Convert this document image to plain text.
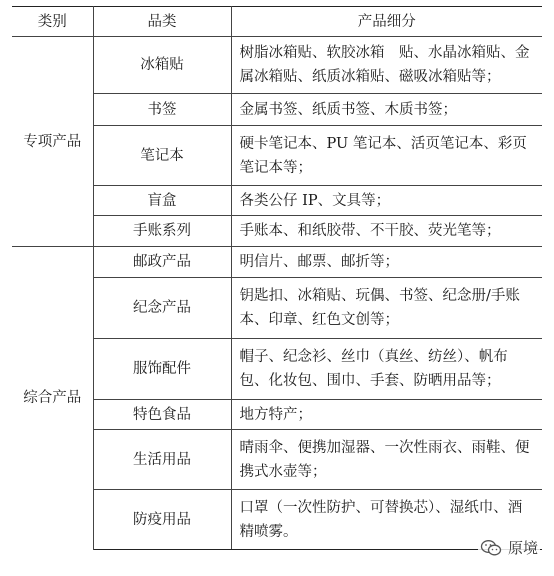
类别	品类	产品细分
专项产品	冰箱贴	树脂冰箱贴、软胶冰箱　贴、水晶冰箱贴、金属冰箱贴、纸质冰箱贴、磁吸冰箱贴等；
	书签	金属书签、纸质书签、木质书签；
	笔记本	硬卡笔记本、PU 笔记本、活页笔记本、彩页笔记本等；
	盲盒	各类公仔 IP、文具等；
	手账系列	手账本、和纸胶带、不干胶、荧光笔等；
综合产品	邮政产品	明信片、邮票、邮折等；
	纪念产品	钥匙扣、冰箱贴、玩偶、书签、纪念册/手账本、印章、红色文创等；
	服饰配件	帽子、纪念衫、丝巾（真丝、纺丝）、帆布包、化妆包、围巾、手套、防晒用品等；
	特色食品	地方特产；
	生活用品	晴雨伞、便携加湿器、一次性雨衣、雨鞋、便携式水壶等；
	防疫用品	口罩（一次性防护、可替换芯）、湿纸巾、酒精喷雾。
原境
